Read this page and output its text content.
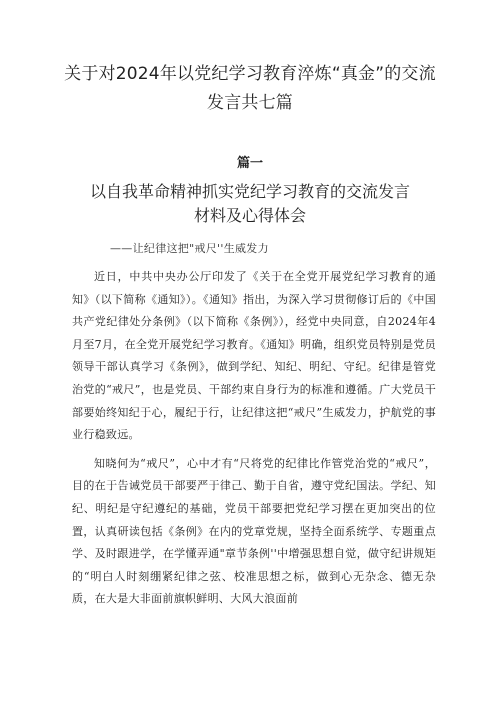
关于对2024年以党纪学习教育淬炼“真金”的交流
发言共七篇
篇一
以自我革命精神抓实党纪学习教育的交流发言
材料及心得体会
——让纪律这把"戒尺''生威发力

近日，中共中央办公厅印发了《关于在全党开展党纪学习教育的通知》（以下简称《通知》）。《通知》指出，为深入学习贯彻修订后的《中国共产党纪律处分条例》（以下简称《条例》），经党中央同意，自2024年4月至7月，在全党开展党纪学习教育。《通知》明确，组织党员特别是党员领导干部认真学习《条例》，做到学纪、知纪、明纪、守纪。纪律是管党治党的“戒尺”，也是党员、干部约束自身行为的标准和遵循。广大党员干部要始终知纪于心，履纪于行，让纪律这把“戒尺”生威发力，护航党的事业行稳致远。

知晓何为“戒尺”，心中才有“尺将党的纪律比作管党治党的“戒尺”，目的在于告诫党员干部要严于律己、勤于自省，遵守党纪国法。学纪、知纪、明纪是守纪遵纪的基础，党员干部要把党纪学习摆在更加突出的位置，认真研读包括《条例》在内的党章党规，坚持全面系统学、专题重点学、及时跟进学，在学懂弄通"章节条例''中增强思想自觉，做守纪讲规矩的“明白人时刻绷紧纪律之弦、校准思想之标，做到心无杂念、德无杂质，在大是大非面前旗帜鲜明、大风大浪面前
